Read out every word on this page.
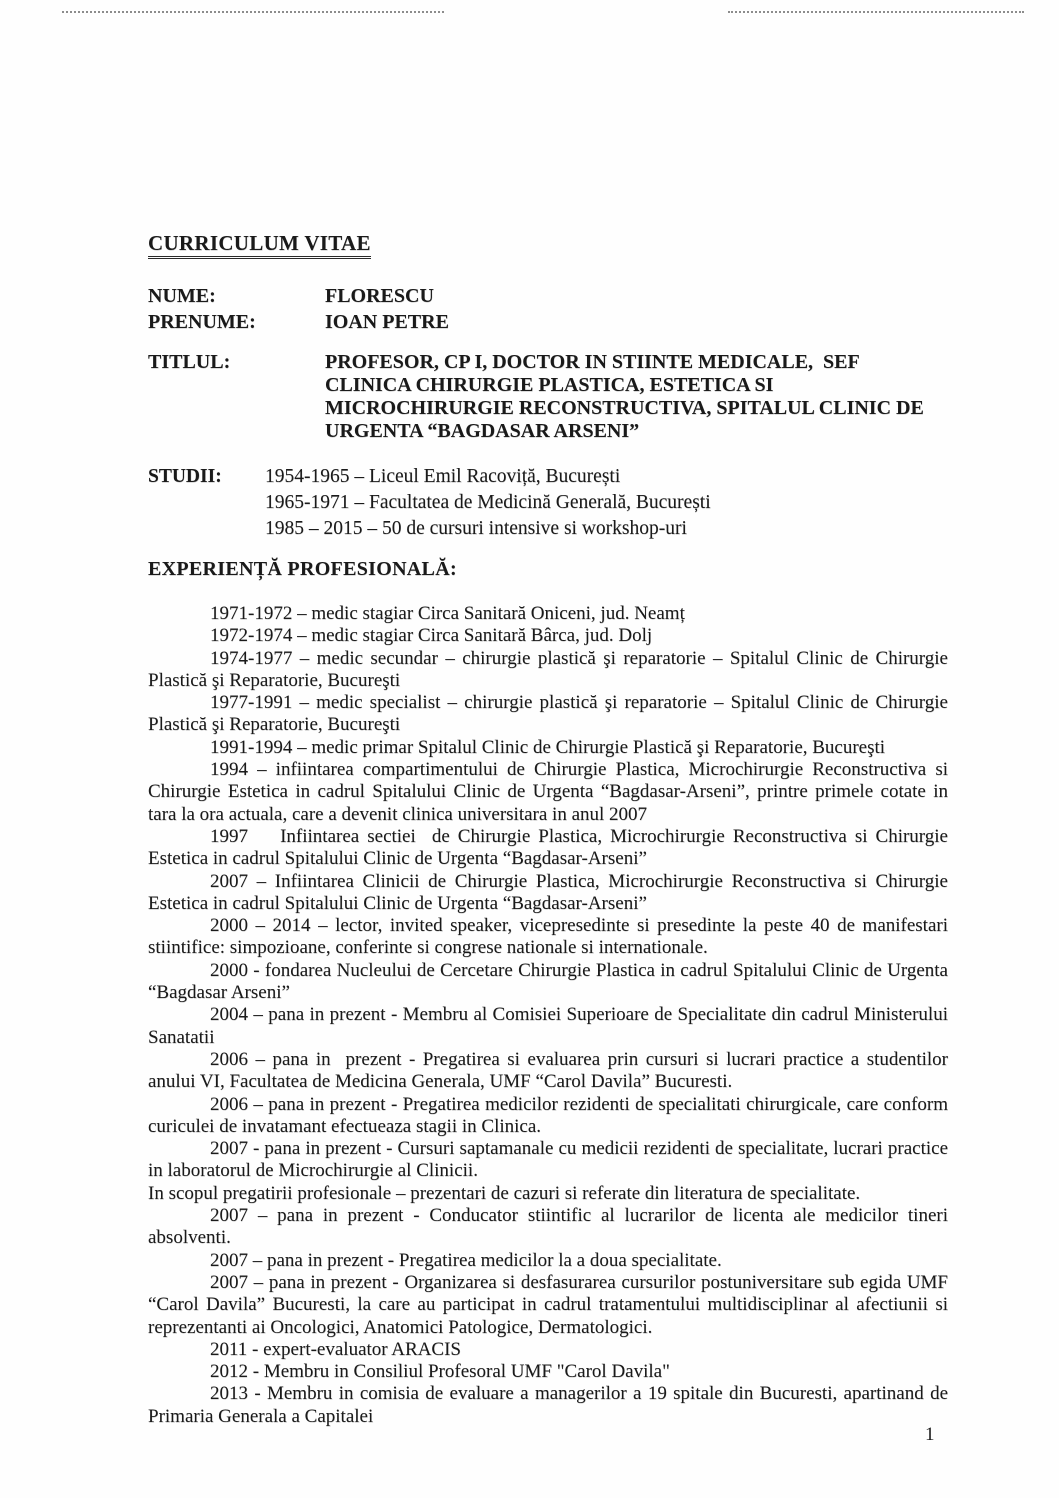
CURRICULUM VITAE
NUME:	FLORESCU
PRENUME:	IOAN PETRE
TITLUL:	PROFESOR, CP I, DOCTOR IN STIINTE MEDICALE,  SEF
CLINICA CHIRURGIE PLASTICA, ESTETICA SI
MICROCHIRURGIE RECONSTRUCTIVA, SPITALUL CLINIC DE
URGENTA “BAGDASAR ARSENI”
STUDII:	1954-1965 – Liceul Emil Racoviță, București
1965-1971 – Facultatea de Medicină Generală, București
1985 – 2015 – 50 de cursuri intensive si workshop-uri
EXPERIENȚĂ PROFESIONALĂ:

1971-1972 – medic stagiar Circa Sanitară Oniceni, jud. Neamț

1972-1974 – medic stagiar Circa Sanitară Bârca, jud. Dolj

1974-1977 – medic secundar – chirurgie plastică şi reparatorie – Spitalul Clinic de Chirurgie Plastică şi Reparatorie, Bucureşti

1977-1991 – medic specialist – chirurgie plastică şi reparatorie – Spitalul Clinic de Chirurgie Plastică şi Reparatorie, Bucureşti

1991-1994 – medic primar Spitalul Clinic de Chirurgie Plastică şi Reparatorie, Bucureşti

1994 – infiintarea compartimentului de Chirurgie Plastica, Microchirurgie Reconstructiva si Chirurgie Estetica in cadrul Spitalului Clinic de Urgenta “Bagdasar-Arseni”, printre primele cotate in tara la ora actuala, care a devenit clinica universitara in anul 2007

1997    Infiintarea sectiei  de Chirurgie Plastica, Microchirurgie Reconstructiva si Chirurgie Estetica in cadrul Spitalului Clinic de Urgenta “Bagdasar-Arseni”

2007 – Infiintarea Clinicii de Chirurgie Plastica, Microchirurgie Reconstructiva si Chirurgie Estetica in cadrul Spitalului Clinic de Urgenta “Bagdasar-Arseni”

2000 – 2014 – lector, invited speaker, vicepresedinte si presedinte la peste 40 de manifestari stiintifice: simpozioane, conferinte si congrese nationale si internationale.

2000 - fondarea Nucleului de Cercetare Chirurgie Plastica in cadrul Spitalului Clinic de Urgenta “Bagdasar Arseni”

2004 – pana in prezent - Membru al Comisiei Superioare de Specialitate din cadrul Ministerului Sanatatii

2006 – pana in  prezent - Pregatirea si evaluarea prin cursuri si lucrari practice a studentilor anului VI, Facultatea de Medicina Generala, UMF “Carol Davila” Bucuresti.

2006 – pana in prezent - Pregatirea medicilor rezidenti de specialitati chirurgicale, care conform curiculei de invatamant efectueaza stagii in Clinica.

2007 - pana in prezent - Cursuri saptamanale cu medicii rezidenti de specialitate, lucrari practice in laboratorul de Microchirurgie al Clinicii.

In scopul pregatirii profesionale – prezentari de cazuri si referate din literatura de specialitate.

2007 – pana in prezent - Conducator stiintific al lucrarilor de licenta ale medicilor tineri absolventi.

2007 – pana in prezent - Pregatirea medicilor la a doua specialitate.

2007 – pana in prezent - Organizarea si desfasurarea cursurilor postuniversitare sub egida UMF “Carol Davila” Bucuresti, la care au participat in cadrul tratamentului multidisciplinar al afectiunii si reprezentanti ai Oncologici, Anatomici Patologice, Dermatologici.

2011 - expert-evaluator ARACIS

2012 - Membru in Consiliul Profesoral UMF "Carol Davila"

2013 - Membru in comisia de evaluare a managerilor a 19 spitale din Bucuresti, apartinand de Primaria Generala a Capitalei

1
